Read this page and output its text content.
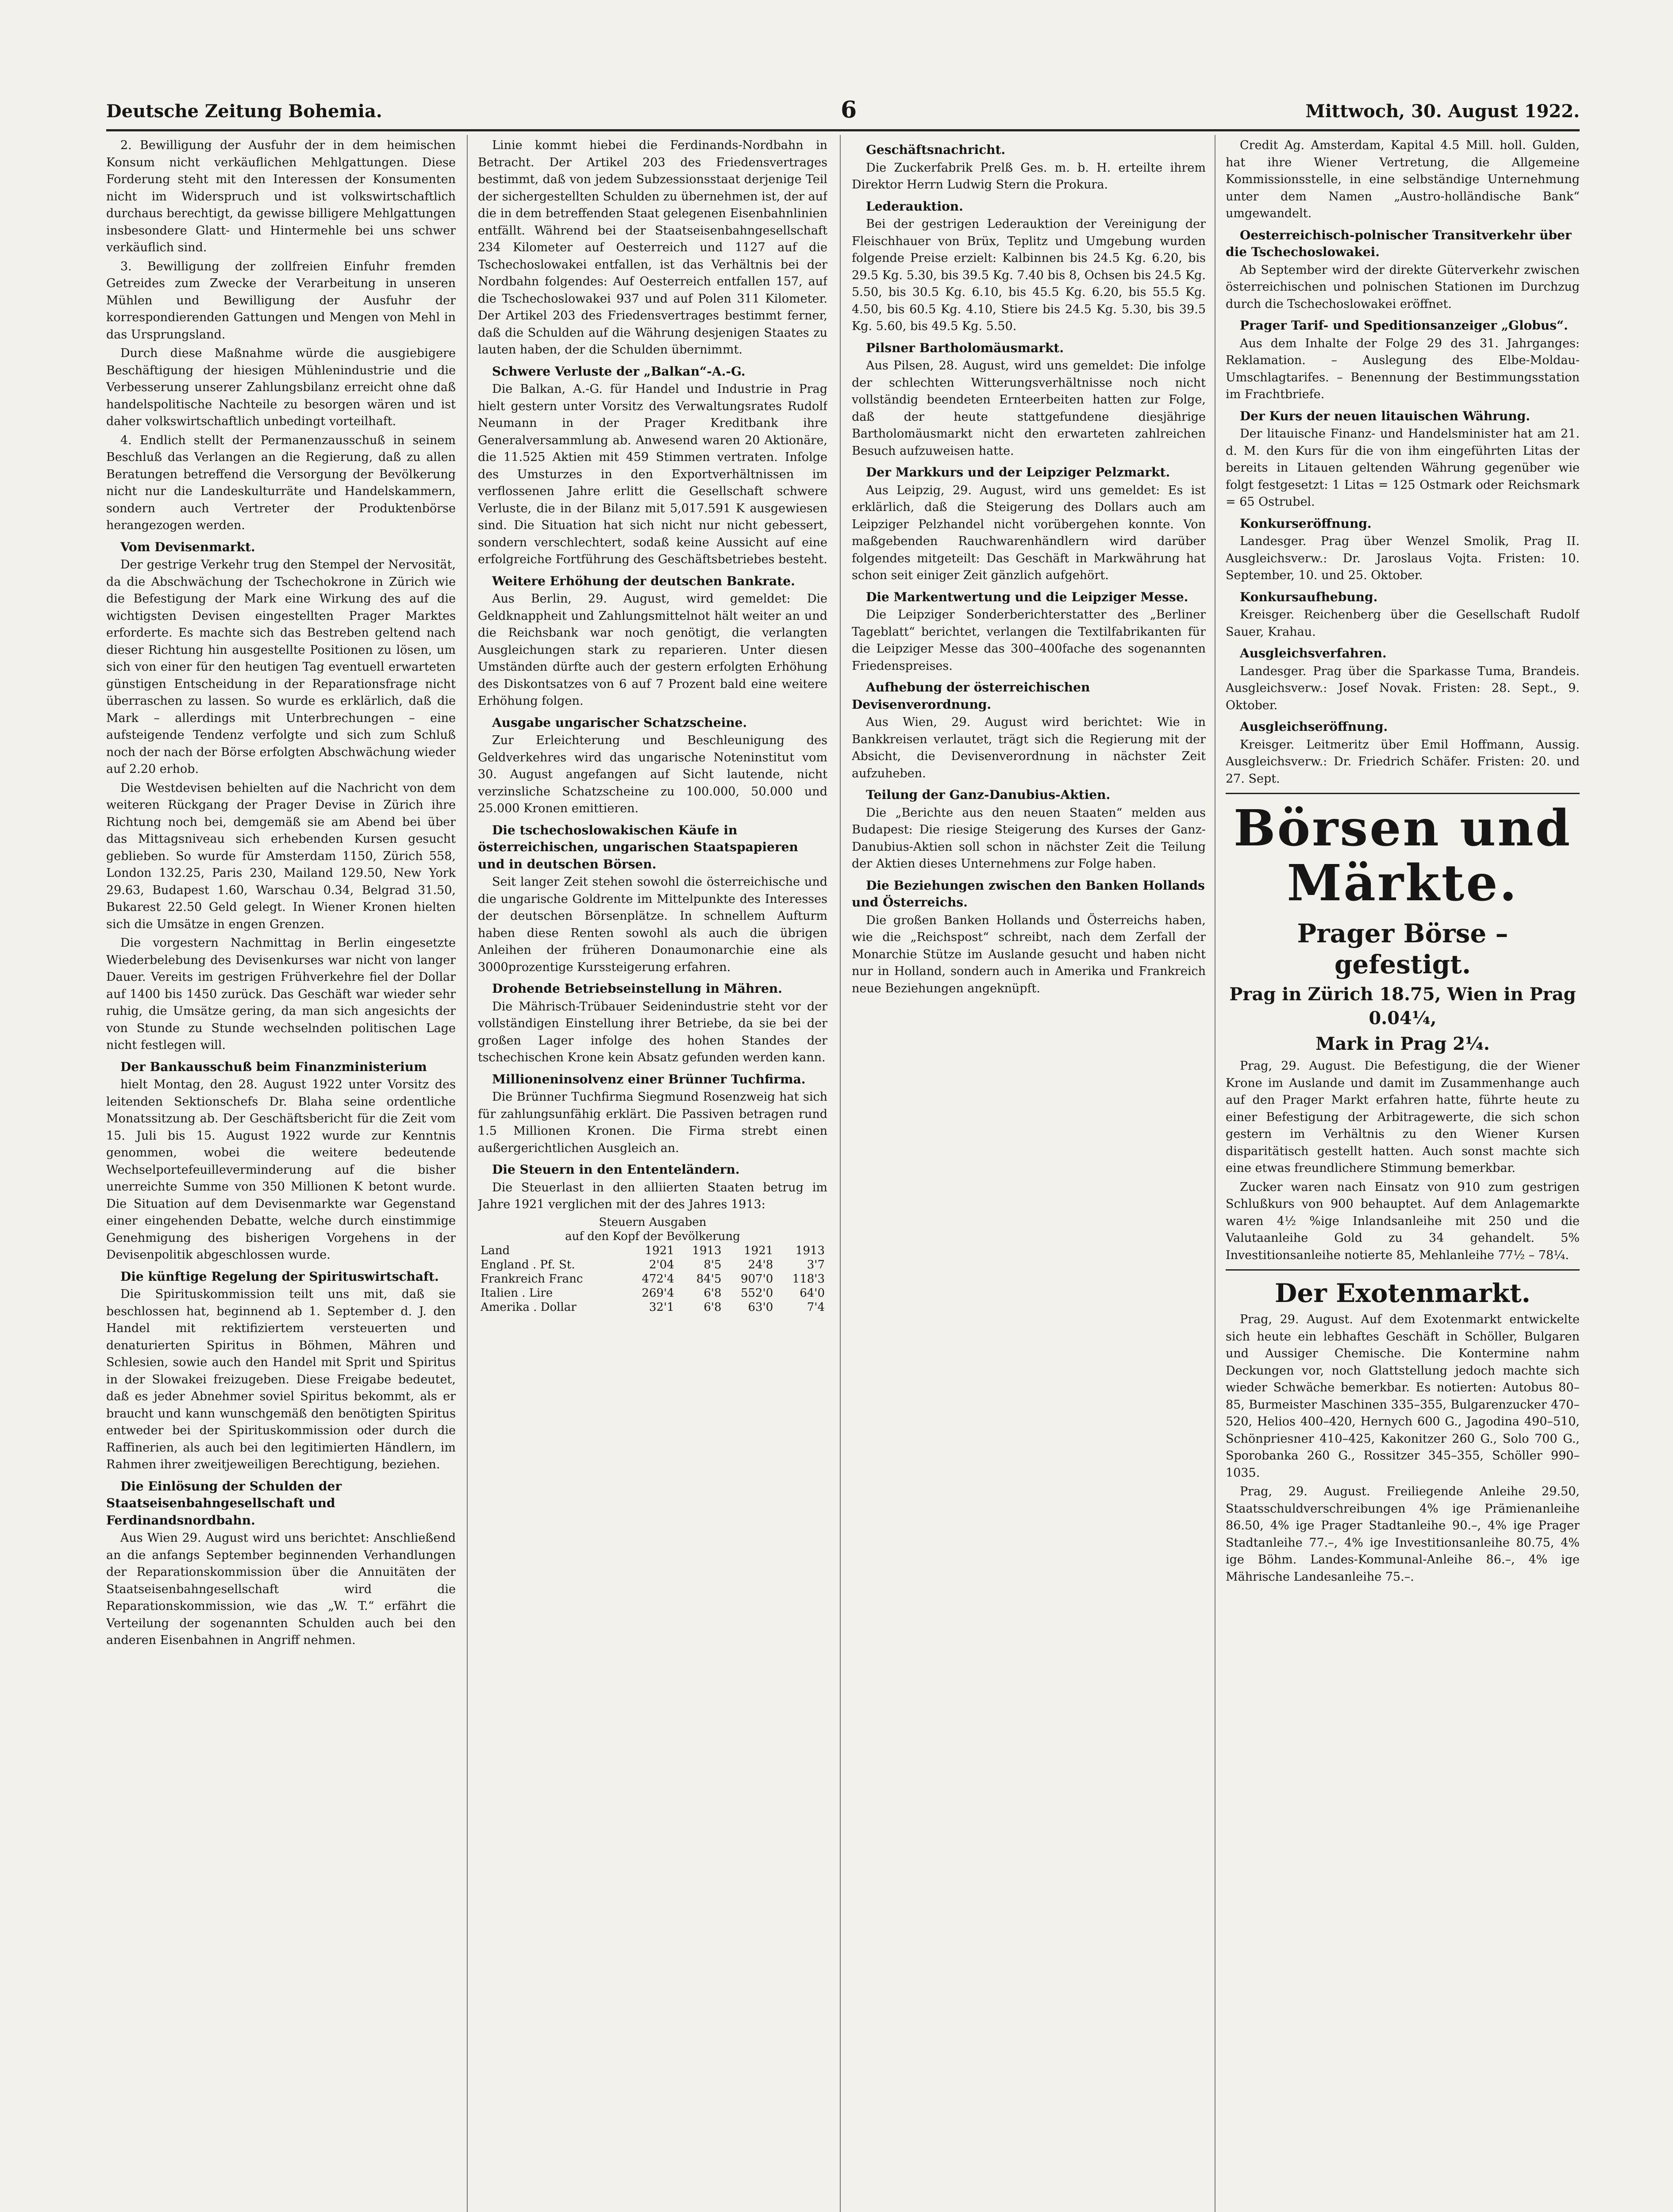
Deutsche Zeitung Bohemia.	6	Mittwoch, 30. August 1922.

2. Bewilligung der Ausfuhr der in dem heimischen Konsum nicht verkäuflichen Mehlgattungen. Diese Forderung steht mit den Interessen der Konsumenten nicht im Widerspruch und ist volkswirtschaftlich durchaus berechtigt, da gewisse billigere Mehlgattungen insbesondere Glatt- und Hintermehle bei uns schwer verkäuflich sind.

3. Bewilligung der zollfreien Einfuhr fremden Getreides zum Zwecke der Verarbeitung in unseren Mühlen und Bewilligung der Ausfuhr der korrespondierenden Gattungen und Mengen von Mehl in das Ursprungsland.

Durch diese Maßnahme würde die ausgiebigere Beschäftigung der hiesigen Mühlenindustrie und die Verbesserung unserer Zahlungsbilanz erreicht ohne daß handelspolitische Nachteile zu besorgen wären und ist daher volkswirtschaftlich unbedingt vorteilhaft.

4. Endlich stellt der Permanenzausschuß in seinem Beschluß das Verlangen an die Regierung, daß zu allen Beratungen betreffend die Versorgung der Bevölkerung nicht nur die Landeskulturräte und Handelskammern, sondern auch Vertreter der Produktenbörse herangezogen werden.

Vom Devisenmarkt.

Der gestrige Verkehr trug den Stempel der Nervosität, da die Abschwächung der Tschechokrone in Zürich wie die Befestigung der Mark eine Wirkung des auf die wichtigsten Devisen eingestellten Prager Marktes erforderte. Es machte sich das Bestreben geltend nach dieser Richtung hin ausgestellte Positionen zu lösen, um sich von einer für den heutigen Tag eventuell erwarteten günstigen Entscheidung in der Reparationsfrage nicht überraschen zu lassen. So wurde es erklärlich, daß die Mark – allerdings mit Unterbrechungen – eine aufsteigende Tendenz verfolgte und sich zum Schluß noch der nach der Börse erfolgten Abschwächung wieder auf 2.20 erhob.

Die Westdevisen behielten auf die Nachricht von dem weiteren Rückgang der Prager Devise in Zürich ihre Richtung noch bei, demgemäß sie am Abend bei über das Mittagsniveau sich erhebenden Kursen gesucht geblieben. So wurde für Amsterdam 1150, Zürich 558, London 132.25, Paris 230, Mailand 129.50, New York 29.63, Budapest 1.60, Warschau 0.34, Belgrad 31.50, Bukarest 22.50 Geld gelegt. In Wiener Kronen hielten sich die Umsätze in engen Grenzen.

Die vorgestern Nachmittag in Berlin eingesetzte Wiederbelebung des Devisenkurses war nicht von langer Dauer. Vereits im gestrigen Frühverkehre fiel der Dollar auf 1400 bis 1450 zurück. Das Geschäft war wieder sehr ruhig, die Umsätze gering, da man sich angesichts der von Stunde zu Stunde wechselnden politischen Lage nicht festlegen will.

Der Bankausschuß beim Finanzministerium

hielt Montag, den 28. August 1922 unter Vorsitz des leitenden Sektionschefs Dr. Blaha seine ordentliche Monatssitzung ab. Der Geschäftsbericht für die Zeit vom 15. Juli bis 15. August 1922 wurde zur Kenntnis genommen, wobei die weitere bedeutende Wechselportefeuilleverminderung auf die bisher unerreichte Summe von 350 Millionen K betont wurde. Die Situation auf dem Devisenmarkte war Gegenstand einer eingehenden Debatte, welche durch einstimmige Genehmigung des bisherigen Vorgehens in der Devisenpolitik abgeschlossen wurde.

Die künftige Regelung der Spirituswirtschaft.

Die Spirituskommission teilt uns mit, daß sie beschlossen hat, beginnend ab 1. September d. J. den Handel mit rektifiziertem versteuerten und denaturierten Spiritus in Böhmen, Mähren und Schlesien, sowie auch den Handel mit Sprit und Spiritus in der Slowakei freizugeben. Diese Freigabe bedeutet, daß es jeder Abnehmer soviel Spiritus bekommt, als er braucht und kann wunschgemäß den benötigten Spiritus entweder bei der Spirituskommission oder durch die Raffinerien, als auch bei den legitimierten Händlern, im Rahmen ihrer zweitjeweiligen Berechtigung, beziehen.

Die Einlösung der Schulden der Staatseisenbahngesellschaft und Ferdinandsnordbahn.

Aus Wien 29. August wird uns berichtet: Anschließend an die anfangs September beginnenden Verhandlungen der Reparationskommission über die Annuitäten der Staatseisenbahngesellschaft wird die Reparationskommission, wie das „W. T.“ erfährt die Verteilung der sogenannten Schulden auch bei den anderen Eisenbahnen in Angriff nehmen.

Linie kommt hiebei die Ferdinands-Nordbahn in Betracht. Der Artikel 203 des Friedensvertrages bestimmt, daß von jedem Subzessionsstaat derjenige Teil der sichergestellten Schulden zu übernehmen ist, der auf die in dem betreffenden Staat gelegenen Eisenbahnlinien entfällt. Während bei der Staatseisenbahngesellschaft 234 Kilometer auf Oesterreich und 1127 auf die Tschechoslowakei entfallen, ist das Verhältnis bei der Nordbahn folgendes: Auf Oesterreich entfallen 157, auf die Tschechoslowakei 937 und auf Polen 311 Kilometer. Der Artikel 203 des Friedensvertrages bestimmt ferner, daß die Schulden auf die Währung desjenigen Staates zu lauten haben, der die Schulden übernimmt.

Schwere Verluste der „Balkan“-A.-G.

Die Balkan, A.-G. für Handel und Industrie in Prag hielt gestern unter Vorsitz des Verwaltungsrates Rudolf Neumann in der Prager Kreditbank ihre Generalversammlung ab. Anwesend waren 20 Aktionäre, die 11.525 Aktien mit 459 Stimmen vertraten. Infolge des Umsturzes in den Exportverhältnissen im verflossenen Jahre erlitt die Gesellschaft schwere Verluste, die in der Bilanz mit 5,017.591 K ausgewiesen sind. Die Situation hat sich nicht nur nicht gebessert, sondern verschlechtert, sodaß keine Aussicht auf eine erfolgreiche Fortführung des Geschäftsbetriebes besteht.

Weitere Erhöhung der deutschen Bankrate.

Aus Berlin, 29. August, wird gemeldet: Die Geldknappheit und Zahlungsmittelnot hält weiter an und die Reichsbank war noch genötigt, die verlangten Ausgleichungen stark zu reparieren. Unter diesen Umständen dürfte auch der gestern erfolgten Erhöhung des Diskontsatzes von 6 auf 7 Prozent bald eine weitere Erhöhung folgen.

Ausgabe ungarischer Schatzscheine.

Zur Erleichterung und Beschleunigung des Geldverkehres wird das ungarische Noteninstitut vom 30. August angefangen auf Sicht lautende, nicht verzinsliche Schatzscheine zu 100.000, 50.000 und 25.000 Kronen emittieren.

Die tschechoslowakischen Käufe in österreichischen, ungarischen Staatspapieren und in deutschen Börsen.

Seit langer Zeit stehen sowohl die österreichische und die ungarische Goldrente im Mittelpunkte des Interesses der deutschen Börsenplätze. In schnellem Aufturm haben diese Renten sowohl als auch die übrigen Anleihen der früheren Donaumonarchie eine als 3000prozentige Kurssteigerung erfahren.

Drohende Betriebseinstellung in Mähren.

Die Mährisch-Trübauer Seidenindustrie steht vor der vollständigen Einstellung ihrer Betriebe, da sie bei der großen Lager infolge des hohen Standes der tschechischen Krone kein Absatz gefunden werden kann.

Millioneninsolvenz einer Brünner Tuchfirma.

Die Brünner Tuchfirma Siegmund Rosenzweig hat sich für zahlungsunfähig erklärt. Die Passiven betragen rund 1.5 Millionen Kronen. Die Firma strebt einen außergerichtlichen Ausgleich an.

Die Steuern in den Ententeländern.

Die Steuerlast in den alliierten Staaten betrug im Jahre 1921 verglichen mit der des Jahres 1913:

Steuern Ausgaben
auf den Kopf der Bevölkerung
Land	1921	1913	1921	1913
England . Pf. St.	2'04	8'5	24'8	3'7
Frankreich Franc	472'4	84'5	907'0	118'3
Italien . Lire	269'4	6'8	552'0	64'0
Amerika . Dollar	32'1	6'8	63'0	7'4
Geschäftsnachricht.

Die Zuckerfabrik Prelß Ges. m. b. H. erteilte ihrem Direktor Herrn Ludwig Stern die Prokura.

Lederauktion.

Bei der gestrigen Lederauktion der Vereinigung der Fleischhauer von Brüx, Teplitz und Umgebung wurden folgende Preise erzielt: Kalbinnen bis 24.5 Kg. 6.20, bis 29.5 Kg. 5.30, bis 39.5 Kg. 7.40 bis 8, Ochsen bis 24.5 Kg. 5.50, bis 30.5 Kg. 6.10, bis 45.5 Kg. 6.20, bis 55.5 Kg. 4.50, bis 60.5 Kg. 4.10, Stiere bis 24.5 Kg. 5.30, bis 39.5 Kg. 5.60, bis 49.5 Kg. 5.50.

Pilsner Bartholomäusmarkt.

Aus Pilsen, 28. August, wird uns gemeldet: Die infolge der schlechten Witterungsverhältnisse noch nicht vollständig beendeten Ernteerbeiten hatten zur Folge, daß der heute stattgefundene diesjährige Bartholomäusmarkt nicht den erwarteten zahlreichen Besuch aufzuweisen hatte.

Der Markkurs und der Leipziger Pelzmarkt.

Aus Leipzig, 29. August, wird uns gemeldet: Es ist erklärlich, daß die Steigerung des Dollars auch am Leipziger Pelzhandel nicht vorübergehen konnte. Von maßgebenden Rauchwarenhändlern wird darüber folgendes mitgeteilt: Das Geschäft in Markwährung hat schon seit einiger Zeit gänzlich aufgehört.

Die Markentwertung und die Leipziger Messe.

Die Leipziger Sonderberichterstatter des „Berliner Tageblatt“ berichtet, verlangen die Textilfabrikanten für die Leipziger Messe das 300–400fache des sogenannten Friedenspreises.

Aufhebung der österreichischen Devisenverordnung.

Aus Wien, 29. August wird berichtet: Wie in Bankkreisen verlautet, trägt sich die Regierung mit der Absicht, die Devisenverordnung in nächster Zeit aufzuheben.

Teilung der Ganz-Danubius-Aktien.

Die „Berichte aus den neuen Staaten“ melden aus Budapest: Die riesige Steigerung des Kurses der Ganz-Danubius-Aktien soll schon in nächster Zeit die Teilung der Aktien dieses Unternehmens zur Folge haben.

Die Beziehungen zwischen den Banken Hollands und Österreichs.

Die großen Banken Hollands und Österreichs haben, wie die „Reichspost“ schreibt, nach dem Zerfall der Monarchie Stütze im Auslande gesucht und haben nicht nur in Holland, sondern auch in Amerika und Frankreich neue Beziehungen angeknüpft.

Credit Ag. Amsterdam, Kapital 4.5 Mill. holl. Gulden, hat ihre Wiener Vertretung, die Allgemeine Kommissionsstelle, in eine selbständige Unternehmung unter dem Namen „Austro-holländische Bank“ umgewandelt.

Oesterreichisch-polnischer Transitverkehr über die Tschechoslowakei.

Ab September wird der direkte Güterverkehr zwischen österreichischen und polnischen Stationen im Durchzug durch die Tschechoslowakei eröffnet.

Prager Tarif- und Speditionsanzeiger „Globus“.

Aus dem Inhalte der Folge 29 des 31. Jahrganges: Reklamation. – Auslegung des Elbe-Moldau-Umschlagtarifes. – Benennung der Bestimmungsstation im Frachtbriefe.

Der Kurs der neuen litauischen Währung.

Der litauische Finanz- und Handelsminister hat am 21. d. M. den Kurs für die von ihm eingeführten Litas der bereits in Litauen geltenden Währung gegenüber wie folgt festgesetzt: 1 Litas = 125 Ostmark oder Reichsmark = 65 Ostrubel.

Konkurseröffnung.

Landesger. Prag über Wenzel Smolik, Prag II. Ausgleichsverw.: Dr. Jaroslaus Vojta. Fristen: 10. September, 10. und 25. Oktober.

Konkursaufhebung.

Kreisger. Reichenberg über die Gesellschaft Rudolf Sauer, Krahau.

Ausgleichsverfahren.

Landesger. Prag über die Sparkasse Tuma, Brandeis. Ausgleichsverw.: Josef Novak. Fristen: 28. Sept., 9. Oktober.

Ausgleichseröffnung.

Kreisger. Leitmeritz über Emil Hoffmann, Aussig. Ausgleichsverw.: Dr. Friedrich Schäfer. Fristen: 20. und 27. Sept.

Börsen und Märkte.
Prager Börse – gefestigt.
Prag in Zürich 18.75, Wien in Prag 0.04¼,
Mark in Prag 2¼.

Prag, 29. August. Die Befestigung, die der Wiener Krone im Auslande und damit im Zusammenhange auch auf den Prager Markt erfahren hatte, führte heute zu einer Befestigung der Arbitragewerte, die sich schon gestern im Verhältnis zu den Wiener Kursen disparitätisch gestellt hatten. Auch sonst machte sich eine etwas freundlichere Stimmung bemerkbar.

Zucker waren nach Einsatz von 910 zum gestrigen Schlußkurs von 900 behauptet. Auf dem Anlagemarkte waren 4½ %ige Inlandsanleihe mit 250 und die Valutaanleihe Gold zu 34 gehandelt. 5% Investitionsanleihe notierte 85, Mehlanleihe 77½ – 78¼.

Der Exotenmarkt.

Prag, 29. August. Auf dem Exotenmarkt entwickelte sich heute ein lebhaftes Geschäft in Schöller, Bulgaren und Aussiger Chemische. Die Kontermine nahm Deckungen vor, noch Glattstellung jedoch machte sich wieder Schwäche bemerkbar. Es notierten: Autobus 80–85, Burmeister Maschinen 335–355, Bulgarenzucker 470–520, Helios 400–420, Hernych 600 G., Jagodina 490–510, Schönpriesner 410–425, Kakonitzer 260 G., Solo 700 G., Sporobanka 260 G., Rossitzer 345–355, Schöller 990–1035.

Prag, 29. August. Freiliegende Anleihe 29.50, Staatsschuldverschreibungen 4% ige Prämienanleihe 86.50, 4% ige Prager Stadtanleihe 90.–, 4% ige Prager Stadtanleihe 77.–, 4% ige Investitionsanleihe 80.75, 4% ige Böhm. Landes-Kommunal-Anleihe 86.–, 4% ige Mährische Landesanleihe 75.–.
